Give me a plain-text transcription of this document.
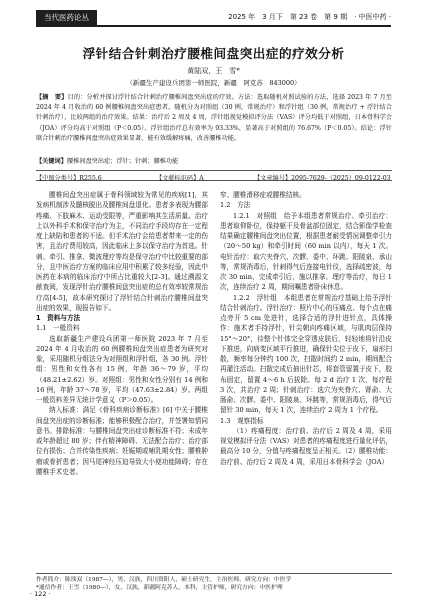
当代医药论丛	2025 年　3 月下　第 23 卷　第 9 期　· 中医中药 ·
浮针结合针刺治疗腰椎间盘突出症的疗效分析
黄陆双，王　雪*
（新疆生产建设兵团第一师医院，新疆　阿克苏　843000）
【摘　要】目的：分析并探讨浮针结合针刺治疗腰椎间盘突出症的疗效。方法：选取随机对照试验的方法，选择 2023 年 7 月至 2024 年 4 月收治的 60 例腰椎间盘突出症患者，随机分为对照组（30 例，常规治疗）和浮针组（30 例，常规治疗 + 浮针结合针刺治疗），比较两组的治疗效果。结果：治疗后 2 周及 4 周，浮针组视觉模拟评分法（VAS）评分均低于对照组，日本骨科学会（JOA）评分均高于对照组（P＜0.05）。浮针组治疗总有效率为 93.33%，显著高于对照组的 76.67%（P＜0.05）。结论：浮针联合针刺治疗腰椎间盘突出症效果显著，能有效缓解疼痛，改善腰椎功能。
【关键词】腰椎间盘突出症；浮针；针刺；腰椎功能
【中图分类号】R255.6	【文献标识码】A	【文章编号】2095-7629-（2025）09-0122-03

腰椎间盘突出症属于骨科领域较为常见的疾病[1]，其发病机制涉及髓核脱出及腰椎间盘退化。患者多表现为腰部疼痛、下肢麻木、运动受限等，严重影响其生活质量。治疗上以外科手术和保守治疗为主，不同治疗手段均存在一定程度上缺陷和患者的不适。但手术治疗会给患者带来一定的伤害，且治疗费用较高，因此临床上多以保守治疗为首选。针刺、牵引、推拿、微波理疗等均是保守治疗中比较重要的部分，且中医治疗方案的临床应用中积累了较多经验，因此中医药在本病的临床治疗中所占比重较大[2-3]。通过溯源文献查阅，发现浮针治疗腰椎间盘突出症的总有效率较常规治疗高[4-5]，故本研究探讨了浮针结合针刺治疗腰椎间盘突出症的效果，现报告如下。

1　资料与方法

1.1　一般资料

选取新疆生产建设兵团第一师医院 2023 年 7 月至 2024 年 4 月收治的 60 例腰椎间盘突出症患者为研究对象，采用随机分组法分为对照组和浮针组，各 30 例。浮针组：男性和女性各有 15 例，年龄 36～79 岁，平均（48.21±2.62）岁。对照组：男性和女性分别有 14 例和 16 例，年龄 37～78 岁，平均（47.63±2.84）岁。两组一般资料差异无统计学意义（P＞0.05）。

纳入标准：满足《骨科疾病诊断标准》[6] 中关于腰椎间盘突出症的诊断标准；能够积极配合治疗，并签署知情同意书。排除标准：与腰椎间盘突出症诊断标准不符；未成年或年龄超过 80 岁；伴有精神障碍、无法配合治疗；治疗部位有损伤；合并传染性疾病；妊娠期或哺乳期女性；腰椎肿瘤或骨折患者；因马尾神经压迫导致大小便功能障碍；存在腰椎手术史者。

窄、腰椎滑移症或腰椎结核。

1.2　方法

1.2.1　对照组　给予本组患者常规治疗。牵引治疗：患者取仰卧位，保持躯干及骨盆部位固定，结合影像学检查结果确定腰椎间盘突出位置，根据患者耐受情况调整牵引力（20～50 kg）和牵引时间（60 min 以内），每天 1 次。电针治疗：取穴夹脊穴、次髎、委中、环跳、阳陵泉、承山等，常规消毒后，针刺得气后连接电针仪，选择疏密波，每次 30 min，完成牵引后，施以推拿、理疗等治疗，每日 1 次，连续治疗 2 周，期间嘱患者卧床休息。

1.2.2　浮针组　本组患者在常规治疗基础上给予浮针结合针刺治疗。浮针治疗：照片中心的压痛点、每个点在痛点旁开 5 cm 处进针，选择合适的浮针进针点，具体操作：施术者手持浮针，针尖朝向疼痛区域，与肌肉层保持 15°～20°，待整个针体完全穿透皮肤后，轻轻地将针沿皮下推进，向病变区域平行推进，确保针尖位于皮下，扇形扫散，频率每分钟约 100 次，扫散时间约 2 min，期间配合再灌注活动。扫散完成后抽出针芯，将套管留置于皮下，胶布固定，留置 4～6 h 后拔除。每 2 d 治疗 1 次，每疗程 3 次，共治疗 2 周；针刺治疗：选穴为夹脊穴、肾俞、大肠俞、次髎、委中、阳陵泉、环跳等，常规消毒后，得气后留针 30 min，每天 1 次，连续治疗 2 周为 1 个疗程。

1.3　观察指标

（1）疼痛程度：治疗前、治疗后 2 周及 4 周，采用视觉模拟评分法（VAS）对患者的疼痛程度进行量化评估，最高分 10 分，分值与疼痛程度呈正相关。（2）腰椎功能：治疗前、治疗后 2 周及 4 周，采用日本骨科学会（JOA）

作者简介：陈琰双（1987—），男，汉族，四川资阳人，硕士研究生，主治医师，研究方向：中医学
*通信作者：王雪（1980—），女，汉族，新疆阿克苏人，本科，主管护师，研究方向：中医护理
· 122 ·
